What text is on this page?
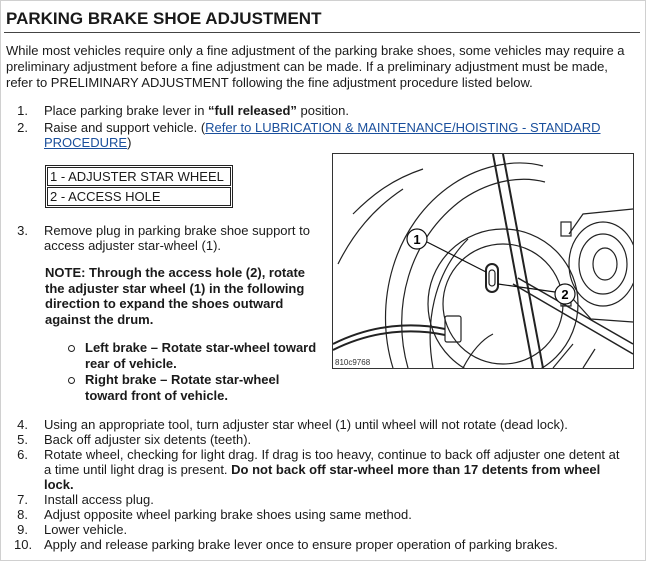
PARKING BRAKE SHOE ADJUSTMENT
While most vehicles require only a fine adjustment of the parking brake shoes, some vehicles may require a preliminary adjustment before a fine adjustment can be made. If a preliminary adjustment must be made, refer to PRELIMINARY ADJUSTMENT following the fine adjustment procedure listed below.
1. Place parking brake lever in “full released” position.
2. Raise and support vehicle. (Refer to LUBRICATION & MAINTENANCE/HOISTING - STANDARD
PROCEDURE)
1 - ADJUSTER STAR WHEEL
2 - ACCESS HOLE
3. Remove plug in parking brake shoe support to
access adjuster star-wheel (1).
NOTE: Through the access hole (2), rotate
the adjuster star wheel (1) in the following
direction to expand the shoes outward
against the drum.
Left brake – Rotate star-wheel toward
rear of vehicle.
Right brake – Rotate star-wheel
toward front of vehicle.
1
2
810c9768
4. Using an appropriate tool, turn adjuster star wheel (1) until wheel will not rotate (dead lock).
5. Back off adjuster six detents (teeth).
6. Rotate wheel, checking for light drag. If drag is too heavy, continue to back off adjuster one detent at
a time until light drag is present. Do not back off star-wheel more than 17 detents from wheel
lock.
7. Install access plug.
8. Adjust opposite wheel parking brake shoes using same method.
9. Lower vehicle.
10. Apply and release parking brake lever once to ensure proper operation of parking brakes.
